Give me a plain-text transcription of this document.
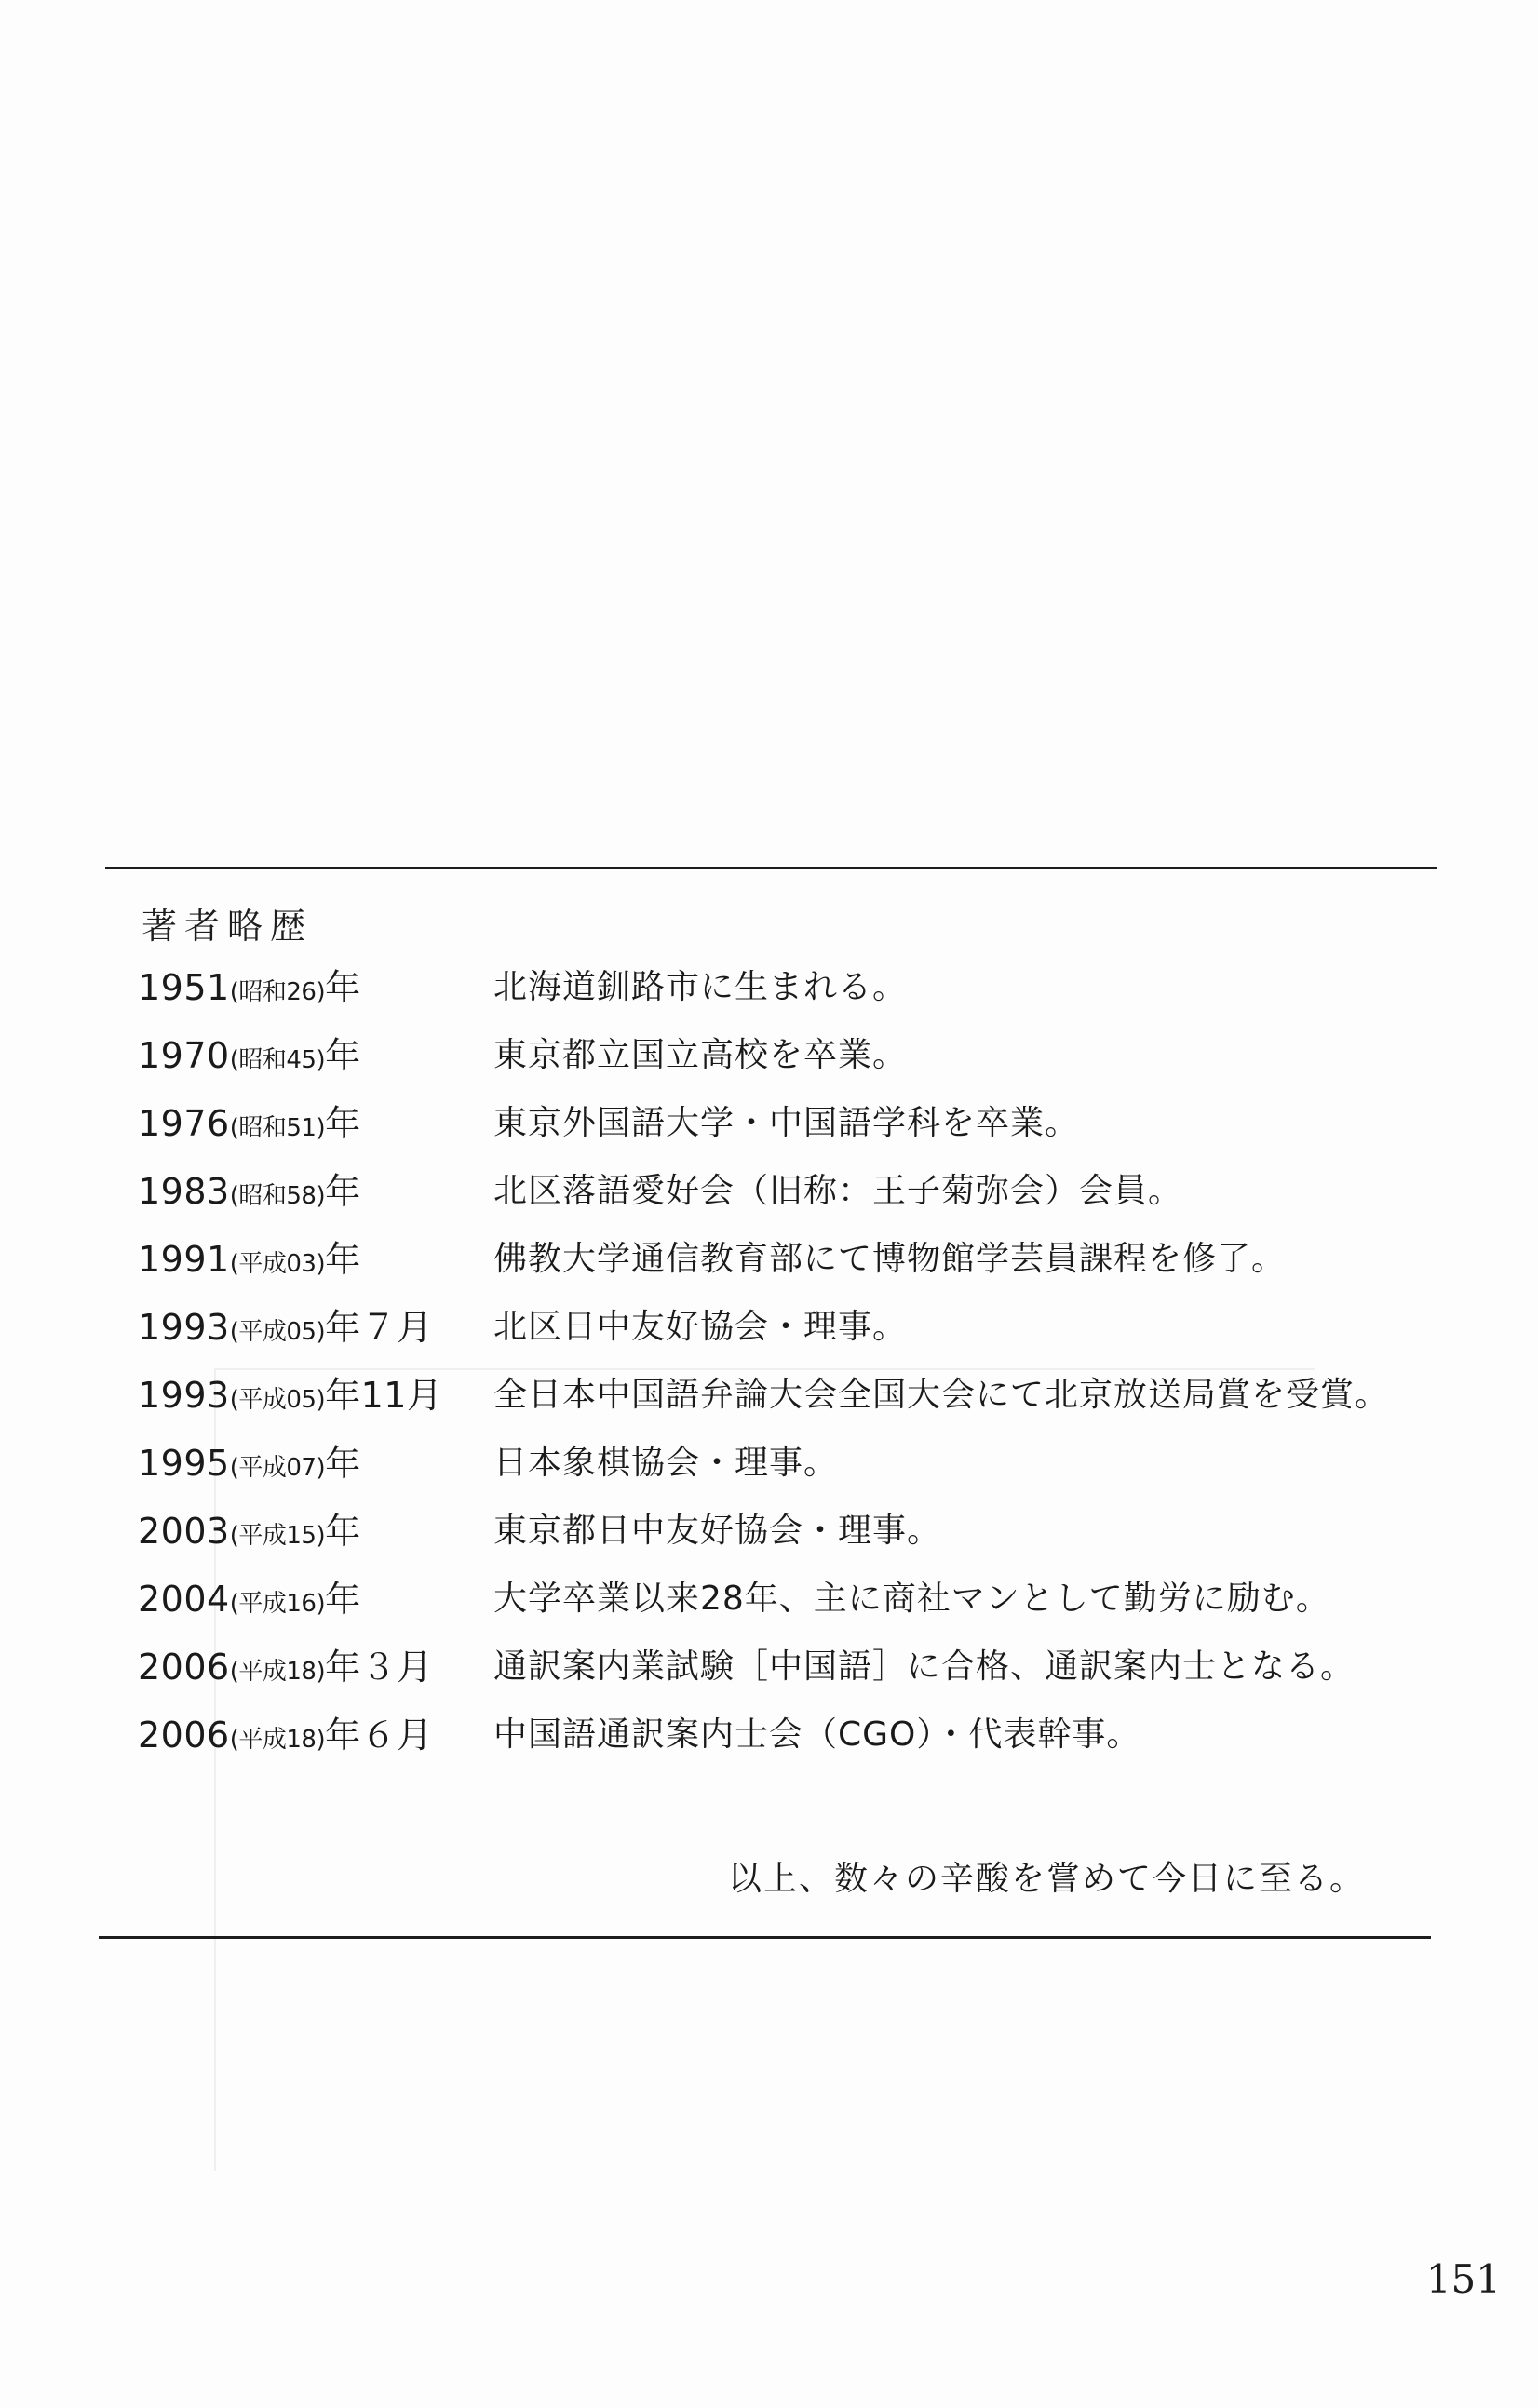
著者略歴
1951(昭和26)年	北海道釧路市に生まれる。
1970(昭和45)年	東京都立国立高校を卒業。
1976(昭和51)年	東京外国語大学・中国語学科を卒業。
1983(昭和58)年	北区落語愛好会（旧称：王子菊弥会）会員。
1991(平成03)年	佛教大学通信教育部にて博物館学芸員課程を修了。
1993(平成05)年７月 北区日中友好協会・理事。
1993(平成05)年11月 全日本中国語弁論大会全国大会にて北京放送局賞を受賞。
1995(平成07)年	日本象棋協会・理事。
2003(平成15)年	東京都日中友好協会・理事。
2004(平成16)年	大学卒業以来28年、主に商社マンとして勤労に励む。
2006(平成18)年３月 通訳案内業試験［中国語］に合格、通訳案内士となる。
2006(平成18)年６月 中国語通訳案内士会（CGO）・代表幹事。
以上、数々の辛酸を嘗めて今日に至る。
151
